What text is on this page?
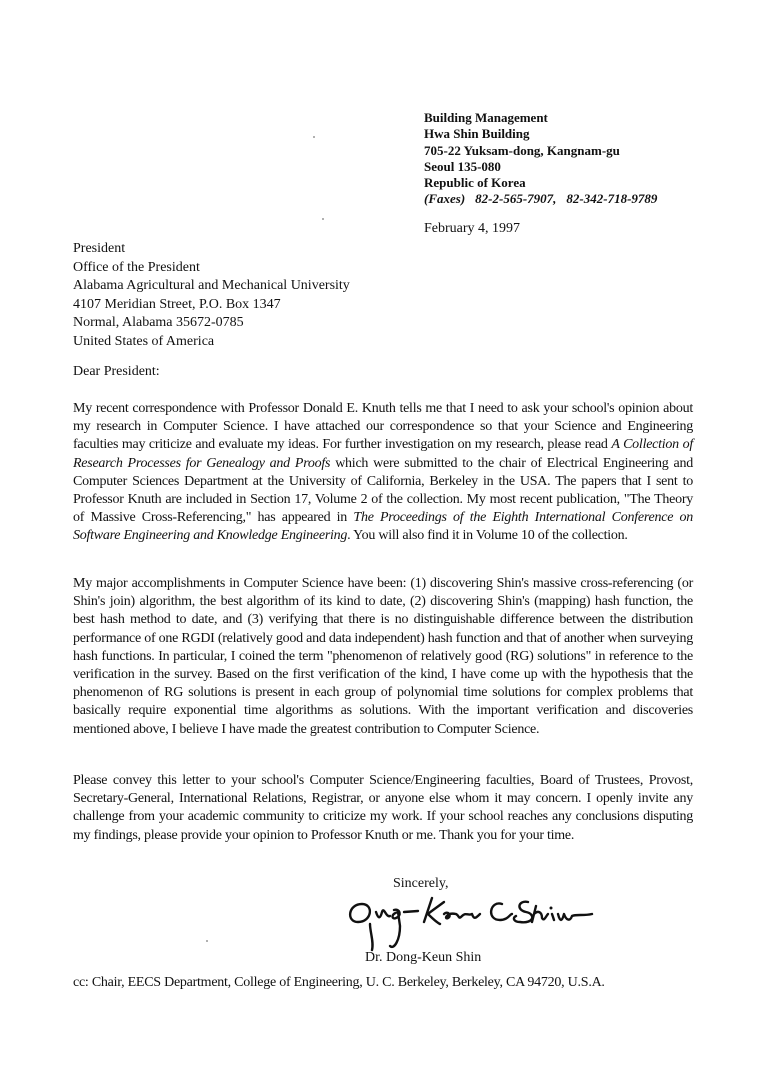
Building Management
Hwa Shin Building
705-22 Yuksam-dong, Kangnam-gu
Seoul 135-080
Republic of Korea
(Faxes) 82-2-565-7907, 82-342-718-9789
February 4, 1997
President
Office of the President
Alabama Agricultural and Mechanical University
4107 Meridian Street, P.O. Box 1347
Normal, Alabama 35672-0785
United States of America
Dear President:

My recent correspondence with Professor Donald E. Knuth tells me that I need to ask your school's opinion about my research in Computer Science. I have attached our correspondence so that your Science and Engineering faculties may criticize and evaluate my ideas. For further investigation on my research, please read A Collection of Research Processes for Genealogy and Proofs which were submitted to the chair of Electrical Engineering and Computer Sciences Department at the University of California, Berkeley in the USA. The papers that I sent to Professor Knuth are included in Section 17, Volume 2 of the collection. My most recent publication, "The Theory of Massive Cross-Referencing," has appeared in The Proceedings of the Eighth International Conference on Software Engineering and Knowledge Engineering. You will also find it in Volume 10 of the collection.

My major accomplishments in Computer Science have been: (1) discovering Shin's massive cross-referencing (or Shin's join) algorithm, the best algorithm of its kind to date, (2) discovering Shin's (mapping) hash function, the best hash method to date, and (3) verifying that there is no distinguishable difference between the distribution performance of one RGDI (relatively good and data independent) hash function and that of another when surveying hash functions. In particular, I coined the term "phenomenon of relatively good (RG) solutions" in reference to the verification in the survey. Based on the first verification of the kind, I have come up with the hypothesis that the phenomenon of RG solutions is present in each group of polynomial time solutions for complex problems that basically require exponential time algorithms as solutions. With the important verification and discoveries mentioned above, I believe I have made the greatest contribution to Computer Science.

Please convey this letter to your school's Computer Science/Engineering faculties, Board of Trustees, Provost, Secretary-General, International Relations, Registrar, or anyone else whom it may concern. I openly invite any challenge from your academic community to criticize my work. If your school reaches any conclusions disputing my findings, please provide your opinion to Professor Knuth or me. Thank you for your time.

Sincerely,
Dr. Dong-Keun Shin
cc: Chair, EECS Department, College of Engineering, U. C. Berkeley, Berkeley, CA 94720, U.S.A.
